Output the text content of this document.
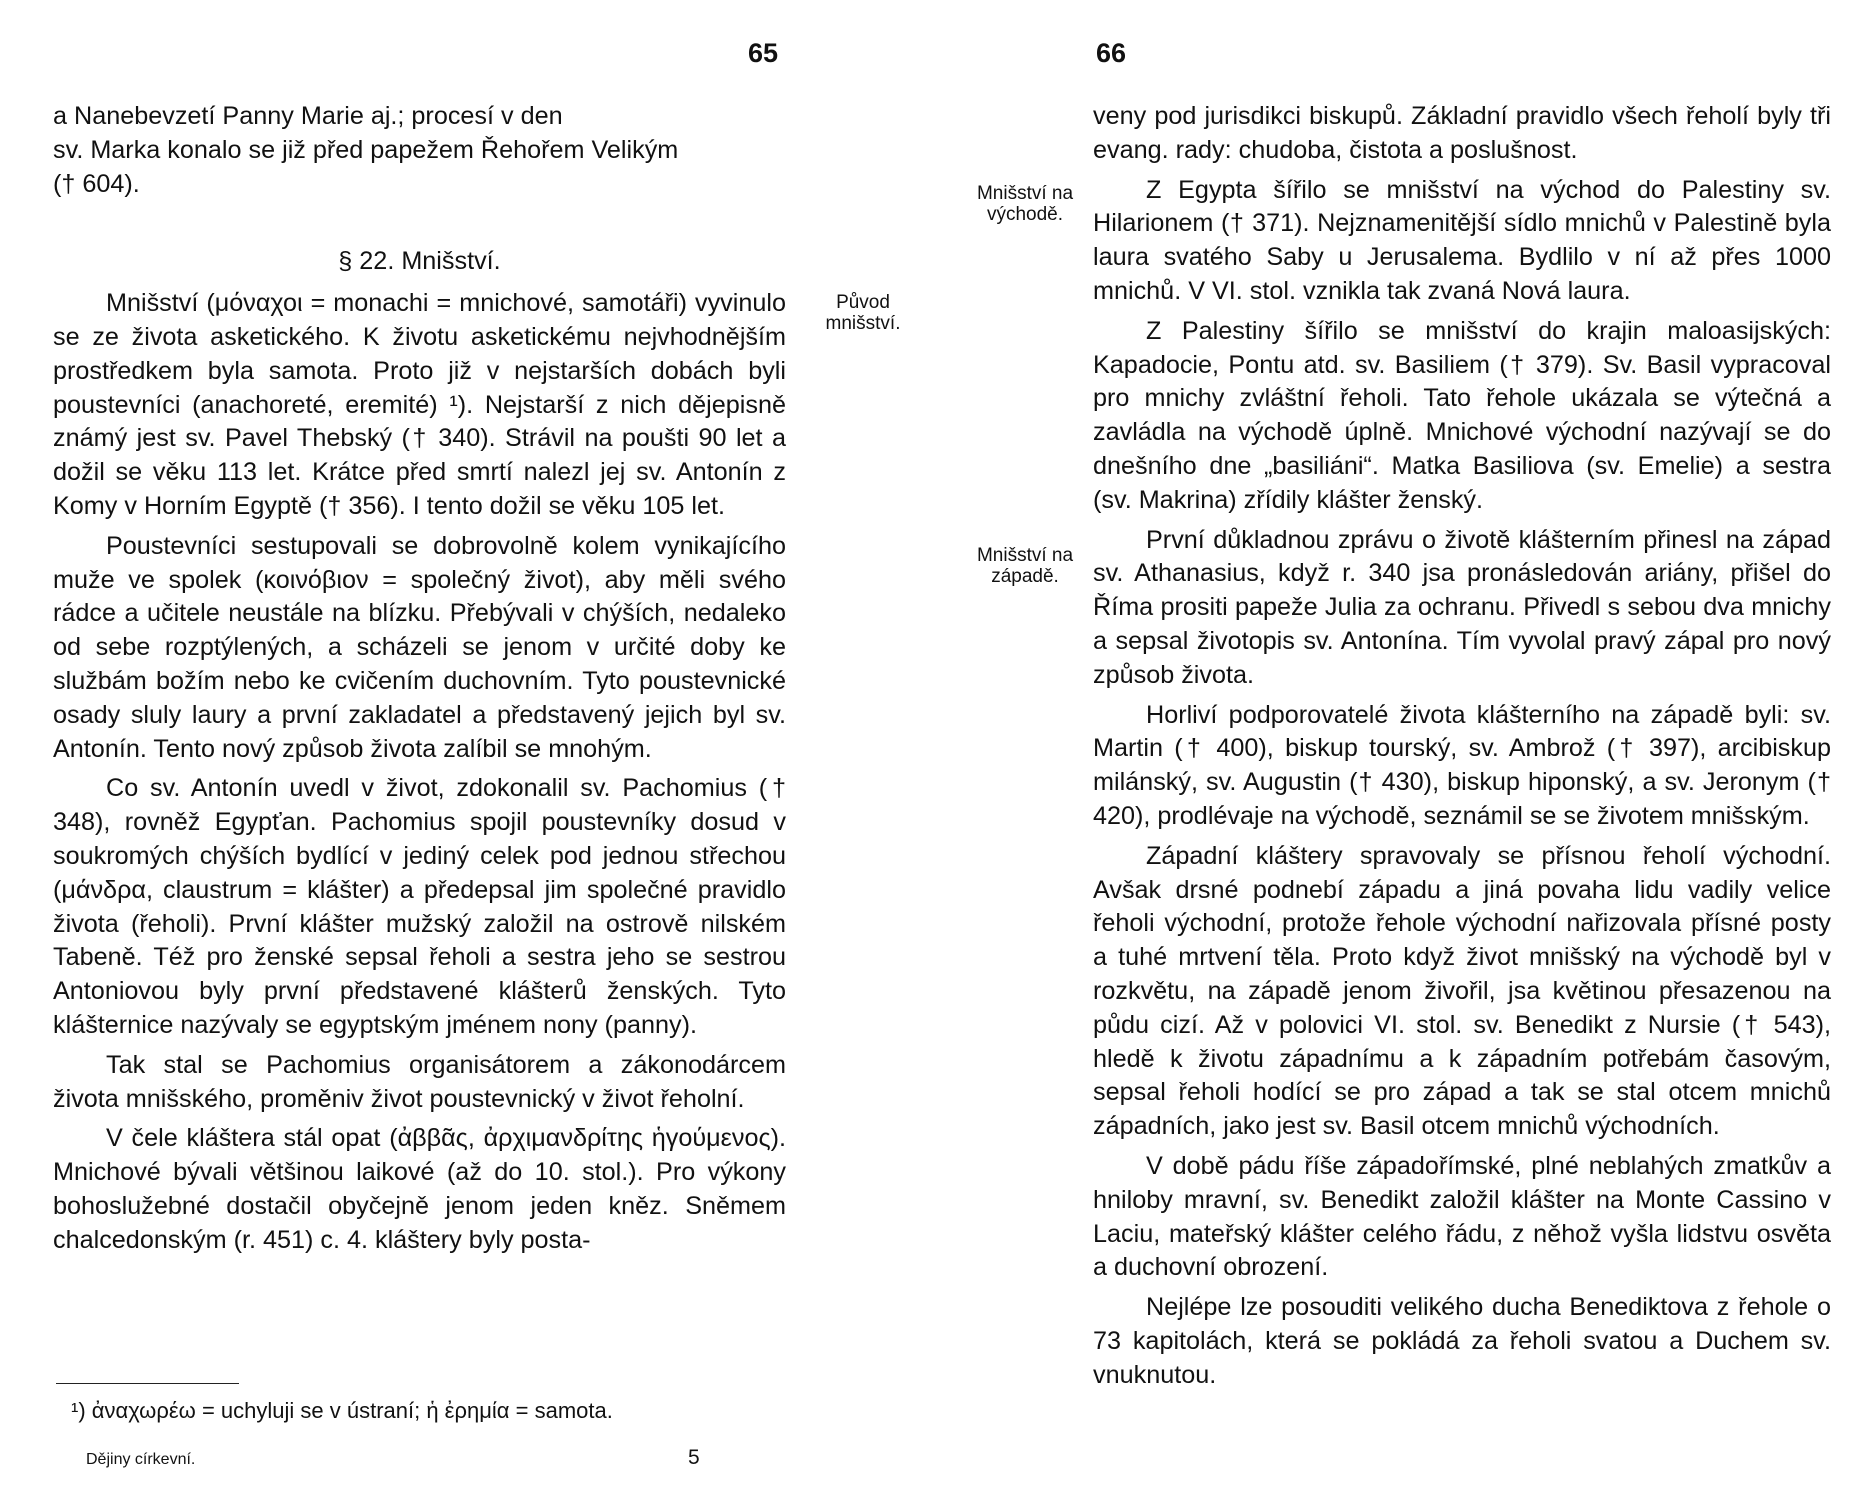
65

a Nanebevzetí Panny Marie aj.; procesí v den

sv. Marka konalo se již před papežem Řehořem Velikým

(† 604).

§ 22. Mnišství.

Mnišství (μόναχοι = monachi = mnichové, samotáři) vyvinulo se ze života asketického. K životu asketickému nejvhodnějším prostředkem byla samota. Proto již v nejstarších dobách byli poustevníci (anachoreté, eremité) ¹). Nejstarší z nich dějepisně známý jest sv. Pavel Thebský († 340). Strávil na poušti 90 let a dožil se věku 113 let. Krátce před smrtí nalezl jej sv. Antonín z Komy v Horním Egyptě († 356). I tento dožil se věku 105 let.

Poustevníci sestupovali se dobrovolně kolem vynikajícího muže ve spolek (κοινόβιον = společný život), aby měli svého rádce a učitele neustále na blízku. Přebývali v chýších, nedaleko od sebe rozptýlených, a scházeli se jenom v určité doby ke službám božím nebo ke cvičením duchovním. Tyto poustevnické osady sluly laury a první zakladatel a představený jejich byl sv. Antonín. Tento nový způsob života zalíbil se mnohým.

Co sv. Antonín uvedl v život, zdokonalil sv. Pachomius († 348), rovněž Egypťan. Pachomius spojil poustevníky dosud v soukromých chýších bydlící v jediný celek pod jednou střechou (μάνδρα, claustrum = klášter) a předepsal jim společné pravidlo života (řeholi). První klášter mužský založil na ostrově nilském Tabeně. Též pro ženské sepsal řeholi a sestra jeho se sestrou Antoniovou byly první představené klášterů ženských. Tyto klášternice nazývaly se egyptským jménem nony (panny).

Tak stal se Pachomius organisátorem a zákonodárcem života mnišského, proměniv život poustevnický v život řeholní.

V čele kláštera stál opat (ἀββᾶς, ἀρχιμανδρίτης ἡγούμενος). Mnichové bývali většinou laikové (až do 10. stol.). Pro výkony bohoslužebné dostačil obyčejně jenom jeden kněz. Sněmem chalcedonským (r. 451) c. 4. kláštery byly posta-

Původ mnišství.
¹) ἀναχωρέω = uchyluji se v ústraní; ἡ ἐρημία = samota.
Dějiny církevní.	5
66
Mnišství na východě.
Mnišství na západě.

veny pod jurisdikci biskupů. Základní pravidlo všech řeholí byly tři evang. rady: chudoba, čistota a poslušnost.

Z Egypta šířilo se mnišství na východ do Palestiny sv. Hilarionem († 371). Nejznamenitější sídlo mnichů v Palestině byla laura svatého Saby u Jerusalema. Bydlilo v ní až přes 1000 mnichů. V VI. stol. vznikla tak zvaná Nová laura.

Z Palestiny šířilo se mnišství do krajin maloasijských: Kapadocie, Pontu atd. sv. Basiliem († 379). Sv. Basil vypracoval pro mnichy zvláštní řeholi. Tato řehole ukázala se výtečná a zavládla na východě úplně. Mnichové východní nazývají se do dnešního dne „basiliáni“. Matka Basiliova (sv. Emelie) a sestra (sv. Makrina) zřídily klášter ženský.

První důkladnou zprávu o životě klášterním přinesl na západ sv. Athanasius, když r. 340 jsa pronásledován ariány, přišel do Říma prositi papeže Julia za ochranu. Přivedl s sebou dva mnichy a sepsal životopis sv. Antonína. Tím vyvolal pravý zápal pro nový způsob života.

Horliví podporovatelé života klášterního na západě byli: sv. Martin († 400), biskup tourský, sv. Ambrož († 397), arcibiskup milánský, sv. Augustin († 430), biskup hiponský, a sv. Jeronym († 420), prodlévaje na východě, seznámil se se životem mnišským.

Západní kláštery spravovaly se přísnou řeholí východní. Avšak drsné podnebí západu a jiná povaha lidu vadily velice řeholi východní, protože řehole východní nařizovala přísné posty a tuhé mrtvení těla. Proto když život mnišský na východě byl v rozkvětu, na západě jenom živořil, jsa květinou přesazenou na půdu cizí. Až v polovici VI. stol. sv. Benedikt z Nursie († 543), hledě k životu západnímu a k západním potřebám časovým, sepsal řeholi hodící se pro západ a tak se stal otcem mnichů západních, jako jest sv. Basil otcem mnichů východních.

V době pádu říše západořímské, plné neblahých zmatkův a hniloby mravní, sv. Benedikt založil klášter na Monte Cassino v Laciu, mateřský klášter celého řádu, z něhož vyšla lidstvu osvěta a duchovní obrození.

Nejlépe lze posouditi velikého ducha Benediktova z řehole o 73 kapitolách, která se pokládá za řeholi svatou a Duchem sv. vnuknutou.
